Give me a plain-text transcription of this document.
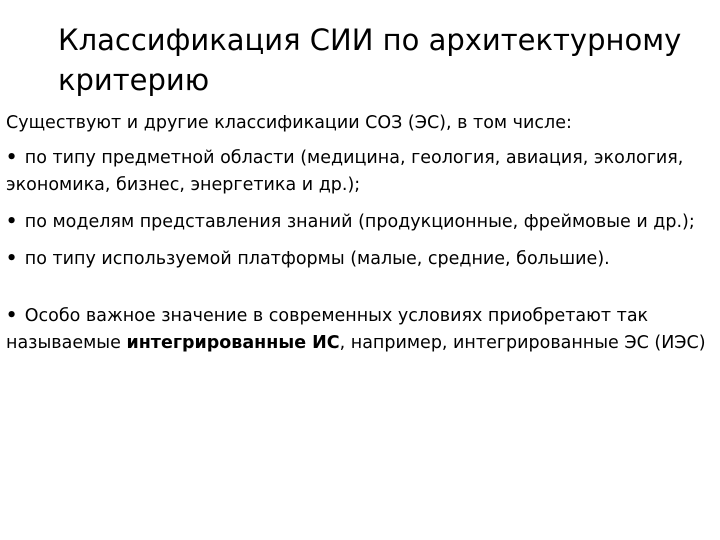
Классификация СИИ по архитектурному критерию

Существуют и другие классификации СОЗ (ЭС), в том числе:

• по типу предметной области (медицина, геология, авиация, экология, экономика, бизнес, энергетика и др.);
• по моделям представления знаний (продукционные, фреймовые и др.);
• по типу используемой платформы (малые, средние, большие).
• Особо важное значение в современных условиях приобретают так называемые интегрированные ИС, например, интегрированные ЭС (ИЭС)
